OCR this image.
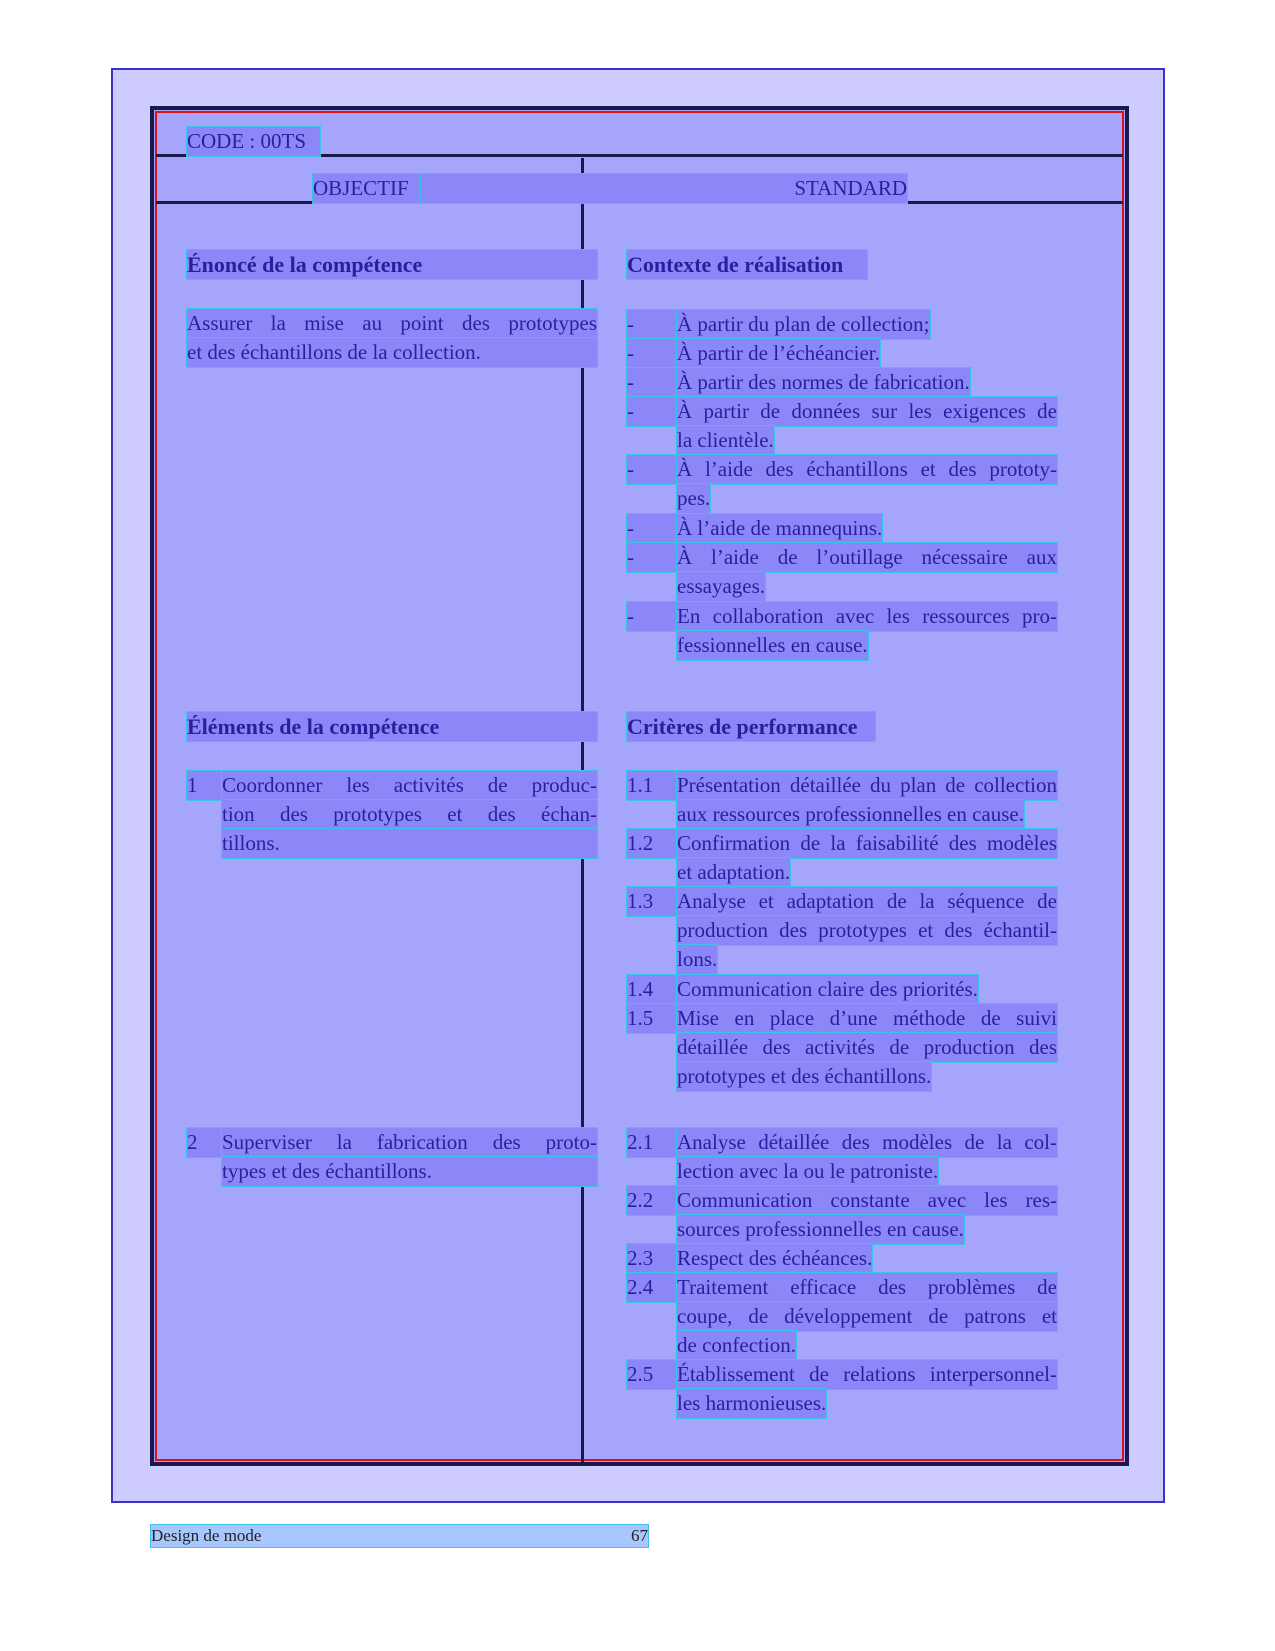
CODE : 00TS
OBJECTIF	STANDARD
Énoncé de la compétence
Assurer la mise au point des prototypes
et des échantillons de la collection.
Contexte de réalisation
-	À partir du plan de collection;
-	À partir de l’échéancier.
-	À partir des normes de fabrication.
-	À partir de données sur les exigences de
la clientèle.
-	À l’aide des échantillons et des prototy-
pes.
-	À l’aide de mannequins.
-	À l’aide de l’outillage nécessaire aux
essayages.
-	En collaboration avec les ressources pro-
fessionnelles en cause.
Éléments de la compétence
1	Coordonner les activités de produc-
tion des prototypes et des échan-
tillons.
2	Superviser la fabrication des proto-
types et des échantillons.
Critères de performance
1.1	Présentation détaillée du plan de collection
aux ressources professionnelles en cause.
1.2	Confirmation de la faisabilité des modèles
et adaptation.
1.3	Analyse et adaptation de la séquence de
production des prototypes et des échantil-
lons.
1.4	Communication claire des priorités.
1.5	Mise en place d’une méthode de suivi
détaillée des activités de production des
prototypes et des échantillons.
2.1	Analyse détaillée des modèles de la col-
lection avec la ou le patroniste.
2.2	Communication constante avec les res-
sources professionnelles en cause.
2.3	Respect des échéances.
2.4	Traitement efficace des problèmes de
coupe, de développement de patrons et
de confection.
2.5	Établissement de relations interpersonnel-
les harmonieuses.
Design de mode	67
